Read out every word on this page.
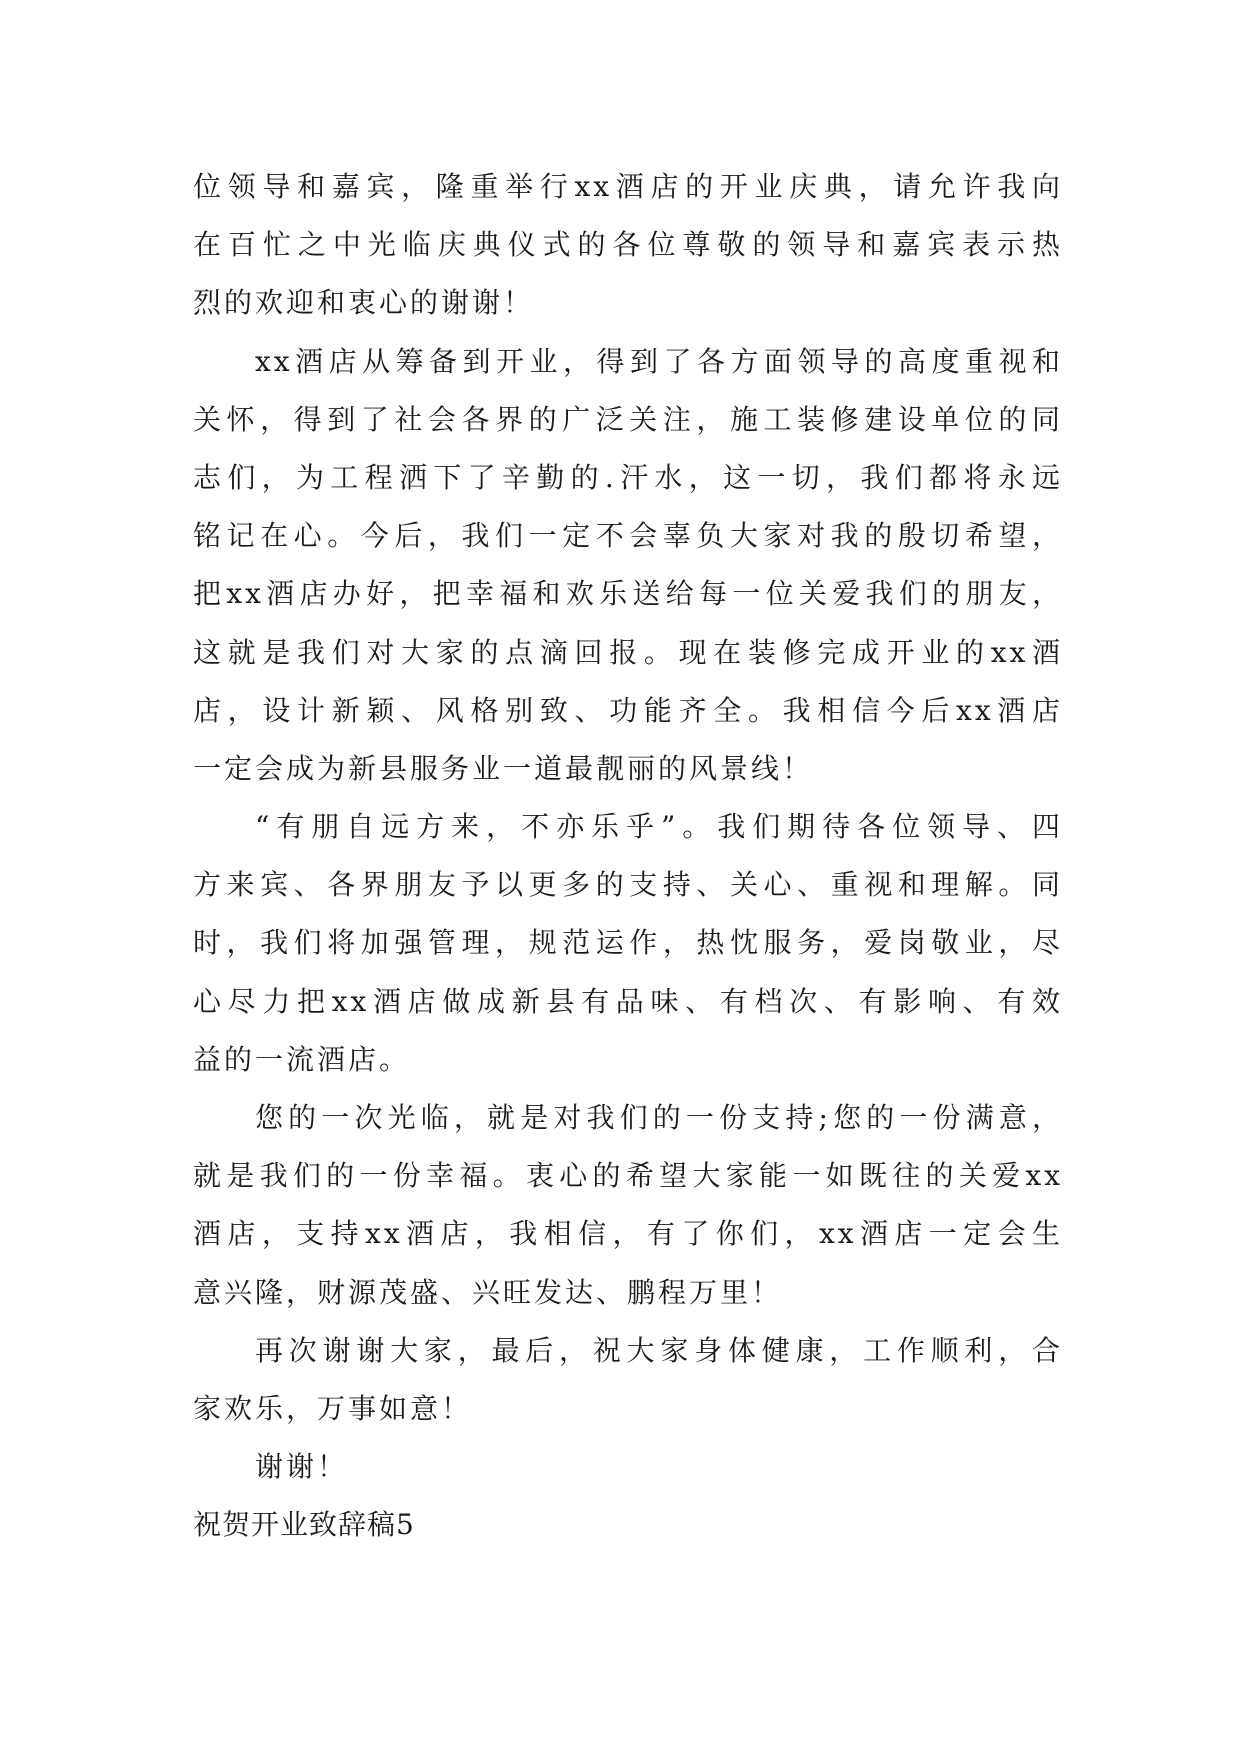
位领导和嘉宾，隆重举行xx酒店的开业庆典，请允许我向
在百忙之中光临庆典仪式的各位尊敬的领导和嘉宾表示热
烈的欢迎和衷心的谢谢！
xx酒店从筹备到开业，得到了各方面领导的高度重视和
关怀，得到了社会各界的广泛关注，施工装修建设单位的同
志们，为工程洒下了辛勤的.汗水，这一切，我们都将永远
铭记在心。今后，我们一定不会辜负大家对我的殷切希望，
把xx酒店办好，把幸福和欢乐送给每一位关爱我们的朋友，
这就是我们对大家的点滴回报。现在装修完成开业的xx酒
店，设计新颖、风格别致、功能齐全。我相信今后xx酒店
一定会成为新县服务业一道最靓丽的风景线！
“有朋自远方来，不亦乐乎”。我们期待各位领导、四
方来宾、各界朋友予以更多的支持、关心、重视和理解。同
时，我们将加强管理，规范运作，热忱服务，爱岗敬业，尽
心尽力把xx酒店做成新县有品味、有档次、有影响、有效
益的一流酒店。
您的一次光临，就是对我们的一份支持;您的一份满意，
就是我们的一份幸福。衷心的希望大家能一如既往的关爱xx
酒店，支持xx酒店，我相信，有了你们，xx酒店一定会生
意兴隆，财源茂盛、兴旺发达、鹏程万里！
再次谢谢大家，最后，祝大家身体健康，工作顺利，合
家欢乐，万事如意！
谢谢！
祝贺开业致辞稿5
